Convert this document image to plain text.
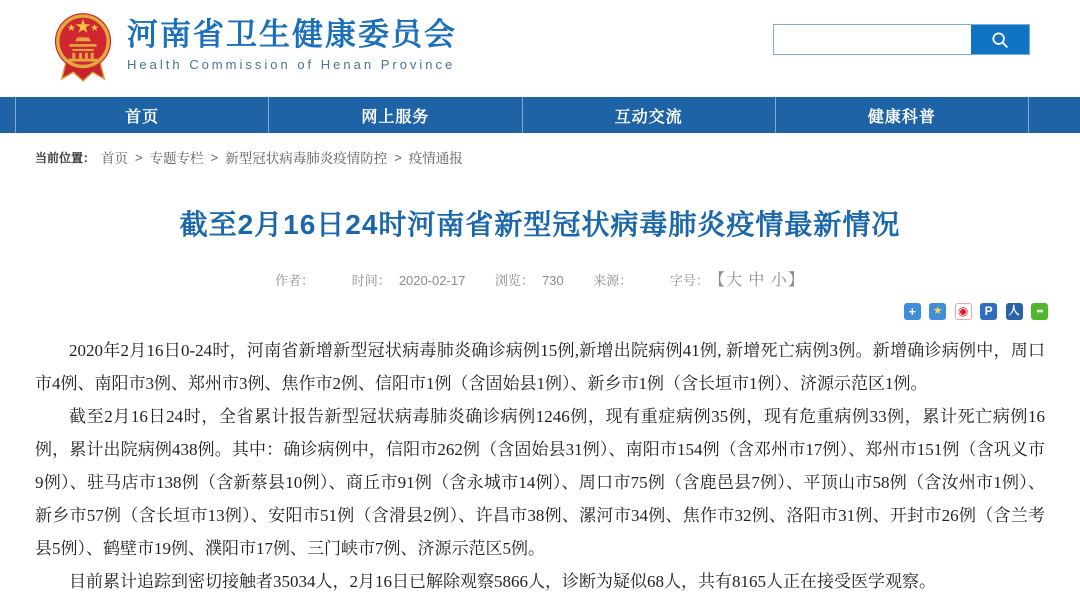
河南省卫生健康委员会
Health Commission of Henan Province
首页	网上服务	互动交流	健康科普
当前位置： 首页 > 专题专栏 > 新型冠状病毒肺炎疫情防控 > 疫情通报
截至2月16日24时河南省新型冠状病毒肺炎疫情最新情况
作者：	时间： 2020-02-17 浏览： 730 来源：	字号： 【大 中 小】
+ ★ ◉ P 人 ●●

2020年2月16日0-24时，河南省新增新型冠状病毒肺炎确诊病例15例,新增出院病例41例, 新增死亡病例3例。新增确诊病例中，周口市4例、南阳市3例、郑州市3例、焦作市2例、信阳市1例（含固始县1例）、新乡市1例（含长垣市1例）、济源示范区1例。

截至2月16日24时，全省累计报告新型冠状病毒肺炎确诊病例1246例，现有重症病例35例，现有危重病例33例，累计死亡病例16例，累计出院病例438例。其中：确诊病例中，信阳市262例（含固始县31例）、南阳市154例（含邓州市17例）、郑州市151例（含巩义市9例）、驻马店市138例（含新蔡县10例）、商丘市91例（含永城市14例）、周口市75例（含鹿邑县7例）、平顶山市58例（含汝州市1例）、新乡市57例（含长垣市13例）、安阳市51例（含滑县2例）、许昌市38例、漯河市34例、焦作市32例、洛阳市31例、开封市26例（含兰考县5例）、鹤壁市19例、濮阳市17例、三门峡市7例、济源示范区5例。

目前累计追踪到密切接触者35034人，2月16日已解除观察5866人，诊断为疑似68人，共有8165人正在接受医学观察。
